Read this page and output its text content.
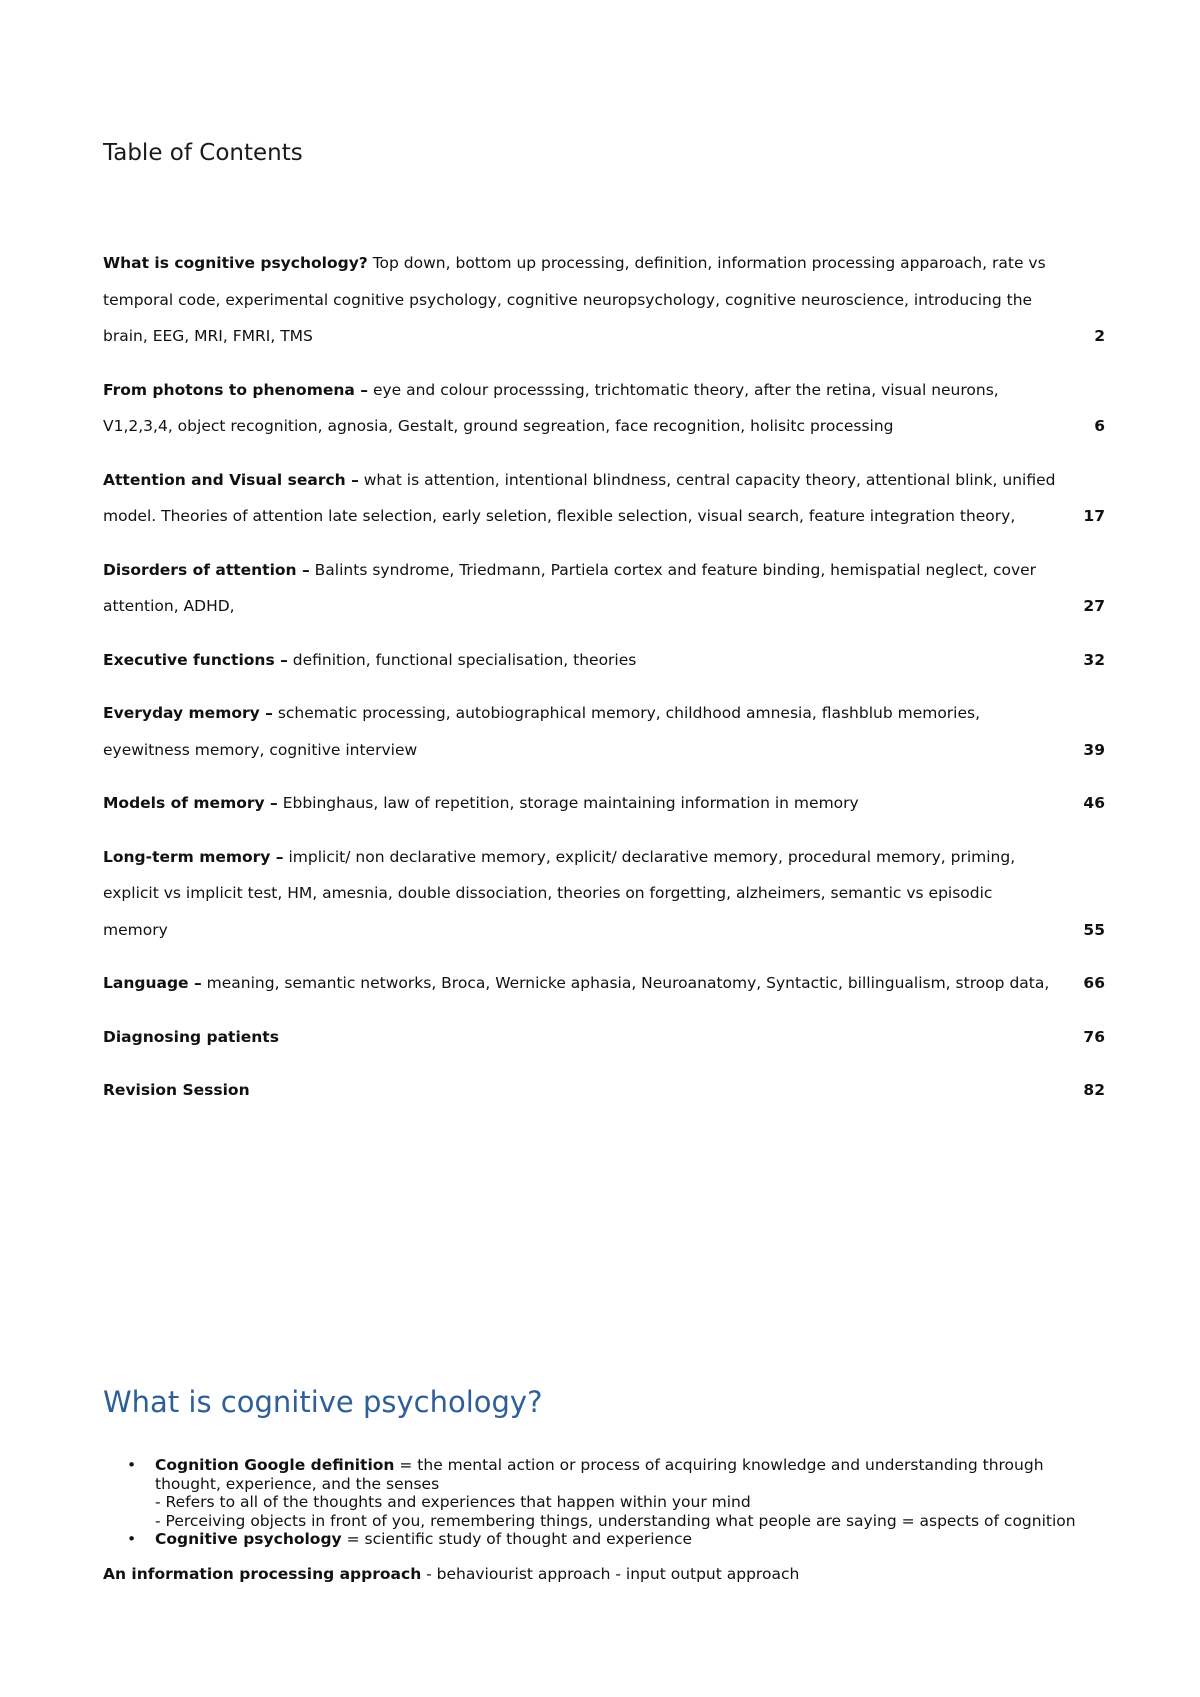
Table of Contents
What is cognitive psychology? Top down, bottom up processing, definition, information processing apparoach, rate vs temporal code, experimental cognitive psychology, cognitive neuropsychology, cognitive neuroscience, introducing the brain, EEG, MRI, FMRI, TMS	2
From photons to phenomena – eye and colour processsing, trichtomatic theory, after the retina, visual neurons, V1,2,3,4, object recognition, agnosia, Gestalt, ground segreation, face recognition, holisitc processing	6
Attention and Visual search – what is attention, intentional blindness, central capacity theory, attentional blink, unified model. Theories of attention late selection, early seletion, flexible selection, visual search, feature integration theory,	17
Disorders of attention – Balints syndrome, Triedmann, Partiela cortex and feature binding, hemispatial neglect, cover attention, ADHD,	27
Executive functions – definition, functional specialisation, theories	32
Everyday memory – schematic processing, autobiographical memory, childhood amnesia, flashblub memories, eyewitness memory, cognitive interview	39
Models of memory – Ebbinghaus, law of repetition, storage maintaining information in memory	46
Long-term memory – implicit/ non declarative memory, explicit/ declarative memory, procedural memory, priming, explicit vs implicit test, HM, amesnia, double dissociation, theories on forgetting, alzheimers, semantic vs episodic memory	55
Language – meaning, semantic networks, Broca, Wernicke aphasia, Neuroanatomy, Syntactic, billingualism, stroop data, 66
Diagnosing patients	76
Revision Session	82
What is cognitive psychology?
• Cognition Google definition = the mental action or process of acquiring knowledge and understanding through thought, experience, and the senses
- Refers to all of the thoughts and experiences that happen within your mind
- Perceiving objects in front of you, remembering things, understanding what people are saying = aspects of cognition
• Cognitive psychology = scientific study of thought and experience

An information processing approach - behaviourist approach - input output approach
